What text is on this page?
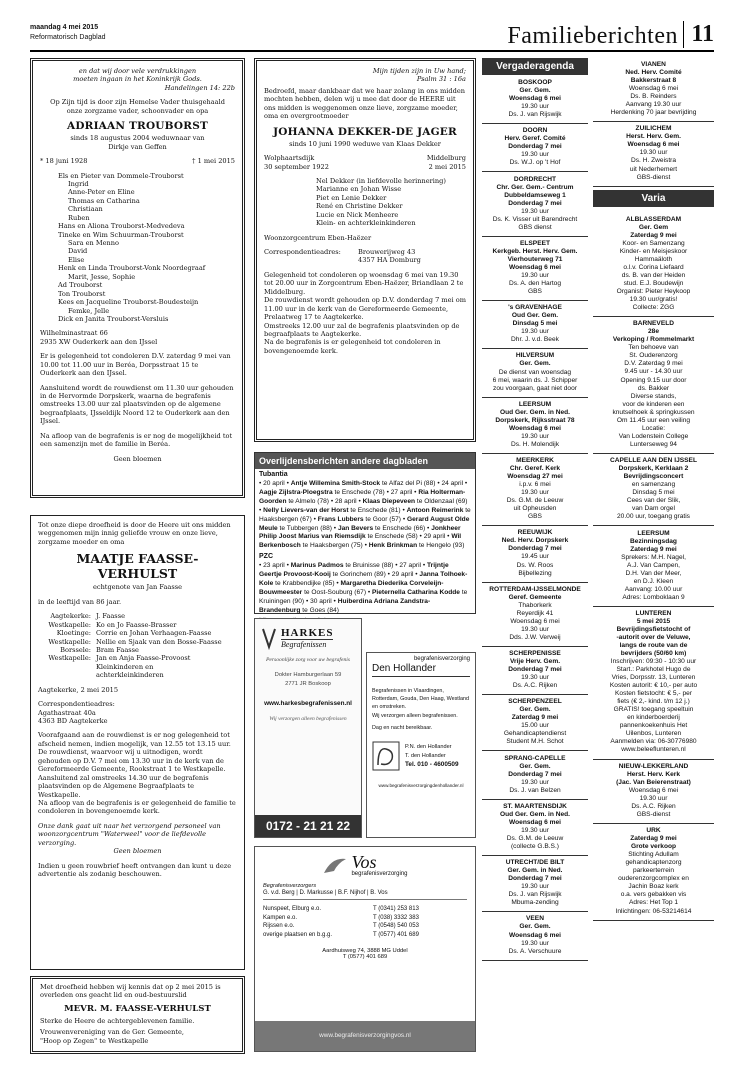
maandag 4 mei 2015
Reformatorisch Dagblad	Familieberichten 11
en dat wij door vele verdrukkingen
moeten ingaan in het Koninkrijk Gods.
Handelingen 14: 22b
Op Zijn tijd is door zijn Hemelse Vader thuisgehaald
onze zorgzame vader, schoonvader en opa
ADRIAAN TROUBORST
sinds 18 augustus 2004 weduwnaar van
Dirkje van Geffen
* 18 juni 1928	† 1 mei 2015
Els en Pieter van Dommele-Trouborst
Ingrid
Anne-Peter en Eline
Thomas en Catharina
Christiaan
Ruben
Hans en Aliona Trouborst-Medvedeva
Tineke en Wim Schuurman-Trouborst
Sara en Menno
David
Elise
Henk en Linda Trouborst-Vonk Noordegraaf
Marit, Jesse, Sophie
Ad Trouborst
Ton Trouborst
Kees en Jacqueline Trouborst-Boudesteijn
Femke, Jelle
Dick en Janita Trouborst-Versluis
Wilhelminastraat 66
2935 XW Ouderkerk aan den IJssel
Er is gelegenheid tot condoleren D.V. zaterdag 9 mei van 10.00 tot 11.00 uur in Beréa, Dorpsstraat 15 te Ouderkerk aan den IJssel.
Aansluitend wordt de rouwdienst om 11.30 uur gehouden in de Hervormde Dorpskerk, waarna de begrafenis omstreeks 13.00 uur zal plaatsvinden op de algemene begraafplaats, IJsseldijk Noord 12 te Ouderkerk aan den IJssel.
Na afloop van de begrafenis is er nog de mogelijkheid tot een samenzijn met de familie in Beréa.
Geen bloemen
Mijn tijden zijn in Uw hand;
Psalm 31 : 16a
Bedroefd, maar dankbaar dat we haar zolang in ons midden mochten hebben, delen wij u mee dat door de HEERE uit ons midden is weggenomen onze lieve, zorgzame moeder, oma en overgrootmoeder
JOHANNA DEKKER-DE JAGER
sinds 10 juni 1990 weduwe van Klaas Dekker
Wolphaartsdijk	Middelburg
30 september 1922	2 mei 2015
Nel Dekker (in liefdevolle herinnering)
Marianne en Johan Wisse
Piet en Lenie Dekker
René en Christine Dekker
Lucie en Nick Menheere
Klein- en achterkleinkinderen
Woonzorgcentrum Eben-Haëzer
Correspondentieadres:	Brouwerijweg 43
4357 HA Domburg
Gelegenheid tot condoleren op woensdag 6 mei van 19.30 tot 20.00 uur in Zorgcentrum Eben-Haëzer, Briandlaan 2 te Middelburg.
De rouwdienst wordt gehouden op D.V. donderdag 7 mei om 11.00 uur in de kerk van de Gereformeerde Gemeente, Prelaatweg 17 te Aagtekerke.
Omstreeks 12.00 uur zal de begrafenis plaatsvinden op de begraafplaats te Aagtekerke.
Na de begrafenis is er gelegenheid tot condoleren in bovengenoemde kerk.
Overlijdensberichten andere dagbladen
Tubantia
• 20 april • Antje Willemina Smith-Stock te Alfaz del Pi (88) • 24 april • Aagje Zijlstra-Ploegstra te Enschede (78) • 27 april • Ria Holterman-Goorden te Almelo (78) • 28 april • Klaas Diepeveen te Oldenzaal (69) • Nelly Lievers-van der Horst te Enschede (81) • Antoon Reimerink te Haaksbergen (67) • Frans Lubbers te Goor (57) • Gerard August Olde Meule te Tubbergen (88) • Jan Bevers te Enschede (66) • Jonkheer Philip Joost Marius van Riemsdijk te Enschede (58) • 29 april • Wil Berkenbosch te Haaksbergen (75) • Henk Brinkman te Hengelo (93)
PZC
• 23 april • Marinus Padmos te Bruinisse (88) • 27 april • Trijntje Geertje Provoost-Kooij te Gorinchem (89) • 29 april • Janna Tolhoek-Kole te Krabbendijke (85) • Margaretha Diederika Corveleijn-Bouwmeester te Oost-Souburg (67) • Pieternella Catharina Kodde te Kruiningen (90) • 30 april • Huiberdina Adriana Zandstra-Brandenburg te Goes (84)
HARKES
Begrafenissen
Persoonlijke zorg voor uw begrafenis
Dokter Hamburgerlaan 59
2771 JR Boskoop
www.harkesbegrafenissen.nl
Wij verzorgen alleen begrafenissen
0172 - 21 21 22
begrafenisverzorging
Den Hollander
Begrafenissen in Vlaardingen, Rotterdam, Gouda, Den Haag, Westland en omstreken.
Wij verzorgen alleen begrafenissen.
Dag en nacht bereikbaar.
P.N. den Hollander
T. den Hollander
Tel. 010 - 4600509
www.begrafenisverzorgingdenhollander.nl
Tot onze diepe droefheid is door de Heere uit ons midden weggenomen mijn innig geliefde vrouw en onze lieve, zorgzame moeder en oma
MAATJE FAASSE-VERHULST
echtgenote van Jan Faasse
in de leeftijd van 86 jaar.
Aagtekerke: J. Faasse
Westkapelle: Ko en Jo Faasse-Brasser
Kloetinge: Corrie en Johan Verhaagen-Faasse
Westkapelle: Nellie en Sjaak van den Bosse-Faasse
Borssele: Bram Faasse
Westkapelle: Jan en Anja Faasse-Provoost
Kleinkinderen en
achterkleinkinderen
Aagtekerke, 2 mei 2015
Correspondentieadres:
Agathastraat 40a
4363 BD Aagtekerke
Voorafgaand aan de rouwdienst is er nog gelegenheid tot afscheid nemen, indien mogelijk, van 12.55 tot 13.15 uur. De rouwdienst, waarvoor wij u uitnodigen, wordt gehouden op D.V. 7 mei om 13.30 uur in de kerk van de Gereformeerde Gemeente, Rookstraat 1 te Westkapelle.
Aansluitend zal omstreeks 14.30 uur de begrafenis plaatsvinden op de Algemene Begraafplaats te Westkapelle.
Na afloop van de begrafenis is er gelegenheid de familie te condoleren in bovengenoemde kerk.
Onze dank gaat uit naar het verzorgend personeel van woonzorgcentrum "Waterweel" voor de liefdevolle verzorging.
Geen bloemen
Indien u geen rouwbrief heeft ontvangen dan kunt u deze advertentie als zodanig beschouwen.
Met droefheid hebben wij kennis dat op 2 mei 2015 is overleden ons geacht lid en oud-bestuurslid
MEVR. M. FAASSE-VERHULST
Sterke de Heere de achtergeblevenen familie.
Vrouwenvereniging van de Ger. Gemeente,
"Hoop op Zegen" te Westkapelle
Vos
begrafenisverzorging
Begrafenisverzorgers
G. v.d. Berg | D. Markusse | B.F. Nijhof | B. Vos
Nunspeet, Elburg e.o.	T (0341) 253 813
Kampen e.o.	T (038) 3332 383
Rijssen e.o.	T (0548) 540 053
overige plaatsen en b.g.g.	T (0577) 401 689
Aardhuisweg 74, 3888 MG Uddel
T (0577) 401 689
www.begrafenisverzorgingvos.nl
Vergaderagenda
BOSKOOP
Ger. Gem.
Woensdag 6 mei
19.30 uur
Ds. J. van Rijswijk
DOORN
Herv. Geref. Comité
Donderdag 7 mei
19.30 uur
Ds. W.J. op 't Hof
DORDRECHT
Chr. Ger. Gem.- Centrum
Dubbeldamseweg 1
Donderdag 7 mei
19.30 uur
Ds. K. Visser uit Barendrecht
GBS dienst
ELSPEET
Kerkgeb. Herst. Herv. Gem.
Vierhouterweg 71
Woensdag 6 mei
19.30 uur
Ds. A. den Hartog
GBS
's GRAVENHAGE
Oud Ger. Gem.
Dinsdag 5 mei
19.30 uur
Dhr. J. v.d. Beek
HILVERSUM
Ger. Gem.
De dienst van woensdag
6 mei, waarin ds. J. Schipper
zou voorgaan, gaat niet door
LEERSUM
Oud Ger. Gem. in Ned.
Dorpskerk, Rijksstraat 78
Woensdag 6 mei
19.30 uur
Ds. H. Molendijk
MEERKERK
Chr. Geref. Kerk
Woensdag 27 mei
i.p.v. 6 mei
19.30 uur
Ds. G.M. de Leeuw
uit Opheusden
GBS
REEUWIJK
Ned. Herv. Dorpskerk
Donderdag 7 mei
19.45 uur
Ds. W. Roos
Bijbellezing
ROTTERDAM-IJSSELMONDE
Geref. Gemeente
Thaborkerk
Reyerdijk 41
Woensdag 6 mei
19.30 uur
Dds. J.W. Verweij
SCHERPENISSE
Vrije Herv. Gem.
Donderdag 7 mei
19.30 uur
Ds. A.C. Rijken
SCHERPENZEEL
Ger. Gem.
Zaterdag 9 mei
15.00 uur
Gehandicaptendienst
Student M.H. Schot
SPRANG-CAPELLE
Ger. Gem.
Donderdag 7 mei
19.30 uur
Ds. J. van Belzen
ST. MAARTENSDIJK
Oud Ger. Gem. in Ned.
Woensdag 6 mei
19.30 uur
Ds. G.M. de Leeuw
(collecte G.B.S.)
UTRECHT/DE BILT
Ger. Gem. in Ned.
Donderdag 7 mei
19.30 uur
Ds. J. van Rijswijk
Mbuma-zending
VEEN
Ger. Gem.
Woensdag 6 mei
19.30 uur
Ds. A. Verschuure
VIANEN
Ned. Herv. Comité
Bakkerstraat 8
Woensdag 6 mei
Ds. B. Reinders
Aanvang 19.30 uur
Herdenking 70 jaar bevrijding
ZUILICHEM
Herst. Herv. Gem.
Woensdag 6 mei
19.30 uur
Ds. H. Zweistra
uit Nederhemert
GBS-dienst
Varia
ALBLASSERDAM
Ger. Gem
Zaterdag 9 mei
Koor- en Samenzang
Kinder- en Meisjeskoor
Hammaäloth
o.l.v. Corina Liefaard
ds. B. van der Heiden
stud. E.J. Boudewijn
Organist: Pieter Heykoop
19.30 uur/gratis!
Collecte: ZGG
BARNEVELD
28e
Verkoping / Rommelmarkt
Ten behoeve van
St. Ouderenzorg
D.V. Zaterdag 9 mei
9.45 uur - 14.30 uur
Opening 9.15 uur door
ds. Bakker
Diverse stands,
voor de kinderen een
knutselhoek & springkussen
Om 11.45 uur een veiling
Locatie:
Van Lodenstein College
Lunterseweg 94
CAPELLE AAN DEN IJSSEL
Dorpskerk, Kerklaan 2
Bevrijdingsconcert
en samenzang
Dinsdag 5 mei
Cees van der Slik,
van Dam orgel
20.00 uur, toegang gratis
LEERSUM
Bezinningsdag
Zaterdag 9 mei
Sprekers: M.H. Nagel,
A.J. Van Campen,
D.H. Van der Meer,
en D.J. Kleen
Aanvang: 10.00 uur
Adres: Lomboklaan 9
LUNTEREN
5 mei 2015
Bevrijdingsfietstocht of
-autorit over de Veluwe,
langs de route van de
bevrijders (50/60 km)
Inschrijven: 09:30 - 10:30 uur
Start.: Parkhotel Hugo de
Vries, Dorpsstr. 13, Lunteren
Kosten autorit: € 10,- per auto
Kosten fietstocht: € 5,- per
fiets (€ 2,- kind. t/m 12 j.)
GRATIS! toegang speeltuin
en kinderboerderij
pannenkoekenhuis Het
Uilenbos, Lunteren
Aanmelden via: 06-30776980
www.beleeflunteren.nl
NIEUW-LEKKERLAND
Herst. Herv. Kerk
(Jac. Van Beierenstraat)
Woensdag 6 mei
19.30 uur
Ds. A.C. Rijken
GBS-dienst
URK
Zaterdag 9 mei
Grote verkoop
Stichting Adullam
gehandicaptenzorg
parkeerterrein
ouderenzorgcomplex en
Jachin Boaz kerk
o.a. vers gebakken vis
Adres: Het Top 1
Inlichtingen: 06-53214614
